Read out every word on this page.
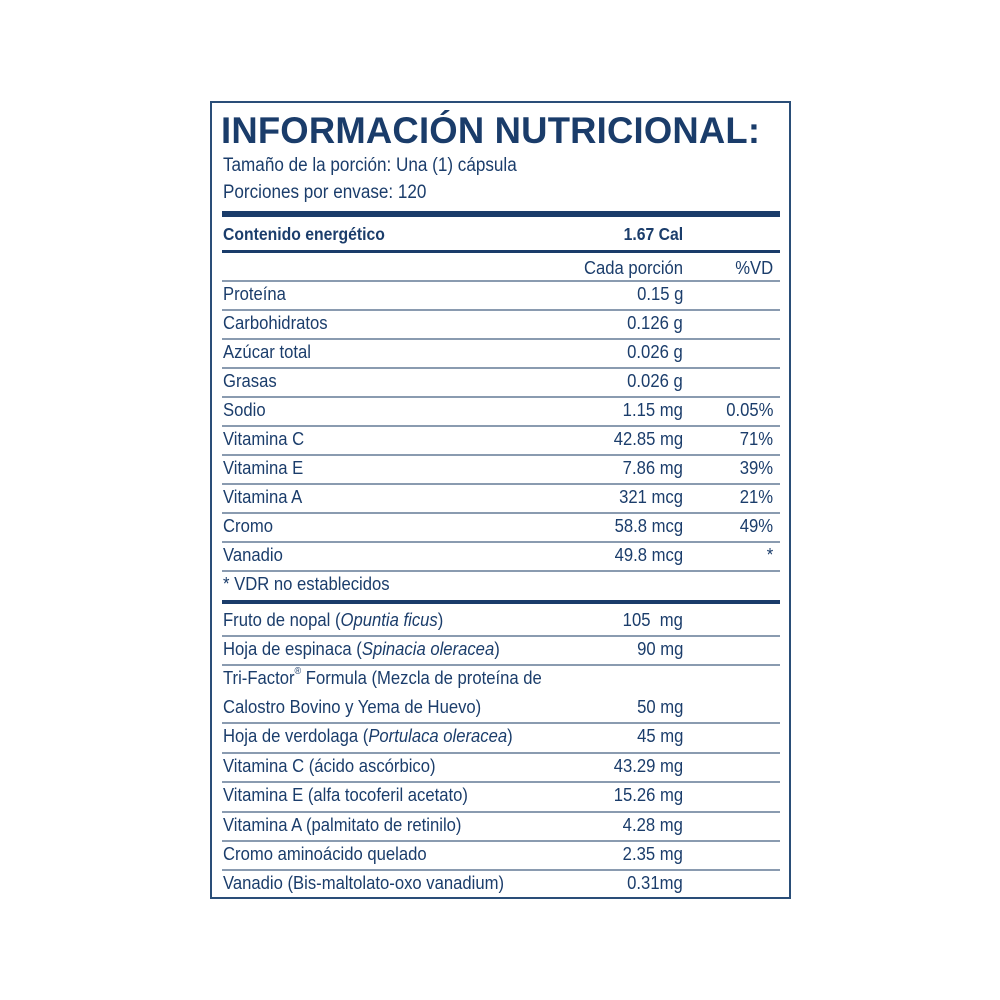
INFORMACIÓN NUTRICIONAL:
Tamaño de la porción: Una (1) cápsula
Porciones por envase: 120
Contenido energético	1.67 Cal
Cada porción	%VD
Proteína	0.15 g
Carbohidratos	0.126 g
Azúcar total	0.026 g
Grasas	0.026 g
Sodio	1.15 mg 0.05%
Vitamina C	42.85 mg	71%
Vitamina E	7.86 mg	39%
Vitamina A	321 mcg	21%
Cromo	58.8 mcg	49%
Vanadio	49.8 mcg	*
* VDR no establecidos
Fruto de nopal (Opuntia ficus)	105  mg
Hoja de espinaca (Spinacia oleracea)	90 mg
Tri-Factor® Formula (Mezcla de proteína de
Calostro Bovino y Yema de Huevo)	50 mg
Hoja de verdolaga (Portulaca oleracea)	45 mg
Vitamina C (ácido ascórbico)	43.29 mg
Vitamina E (alfa tocoferil acetato)	15.26 mg
Vitamina A (palmitato de retinilo)	4.28 mg
Cromo aminoácido quelado	2.35 mg
Vanadio (Bis-maltolato-oxo vanadium)	0.31mg
